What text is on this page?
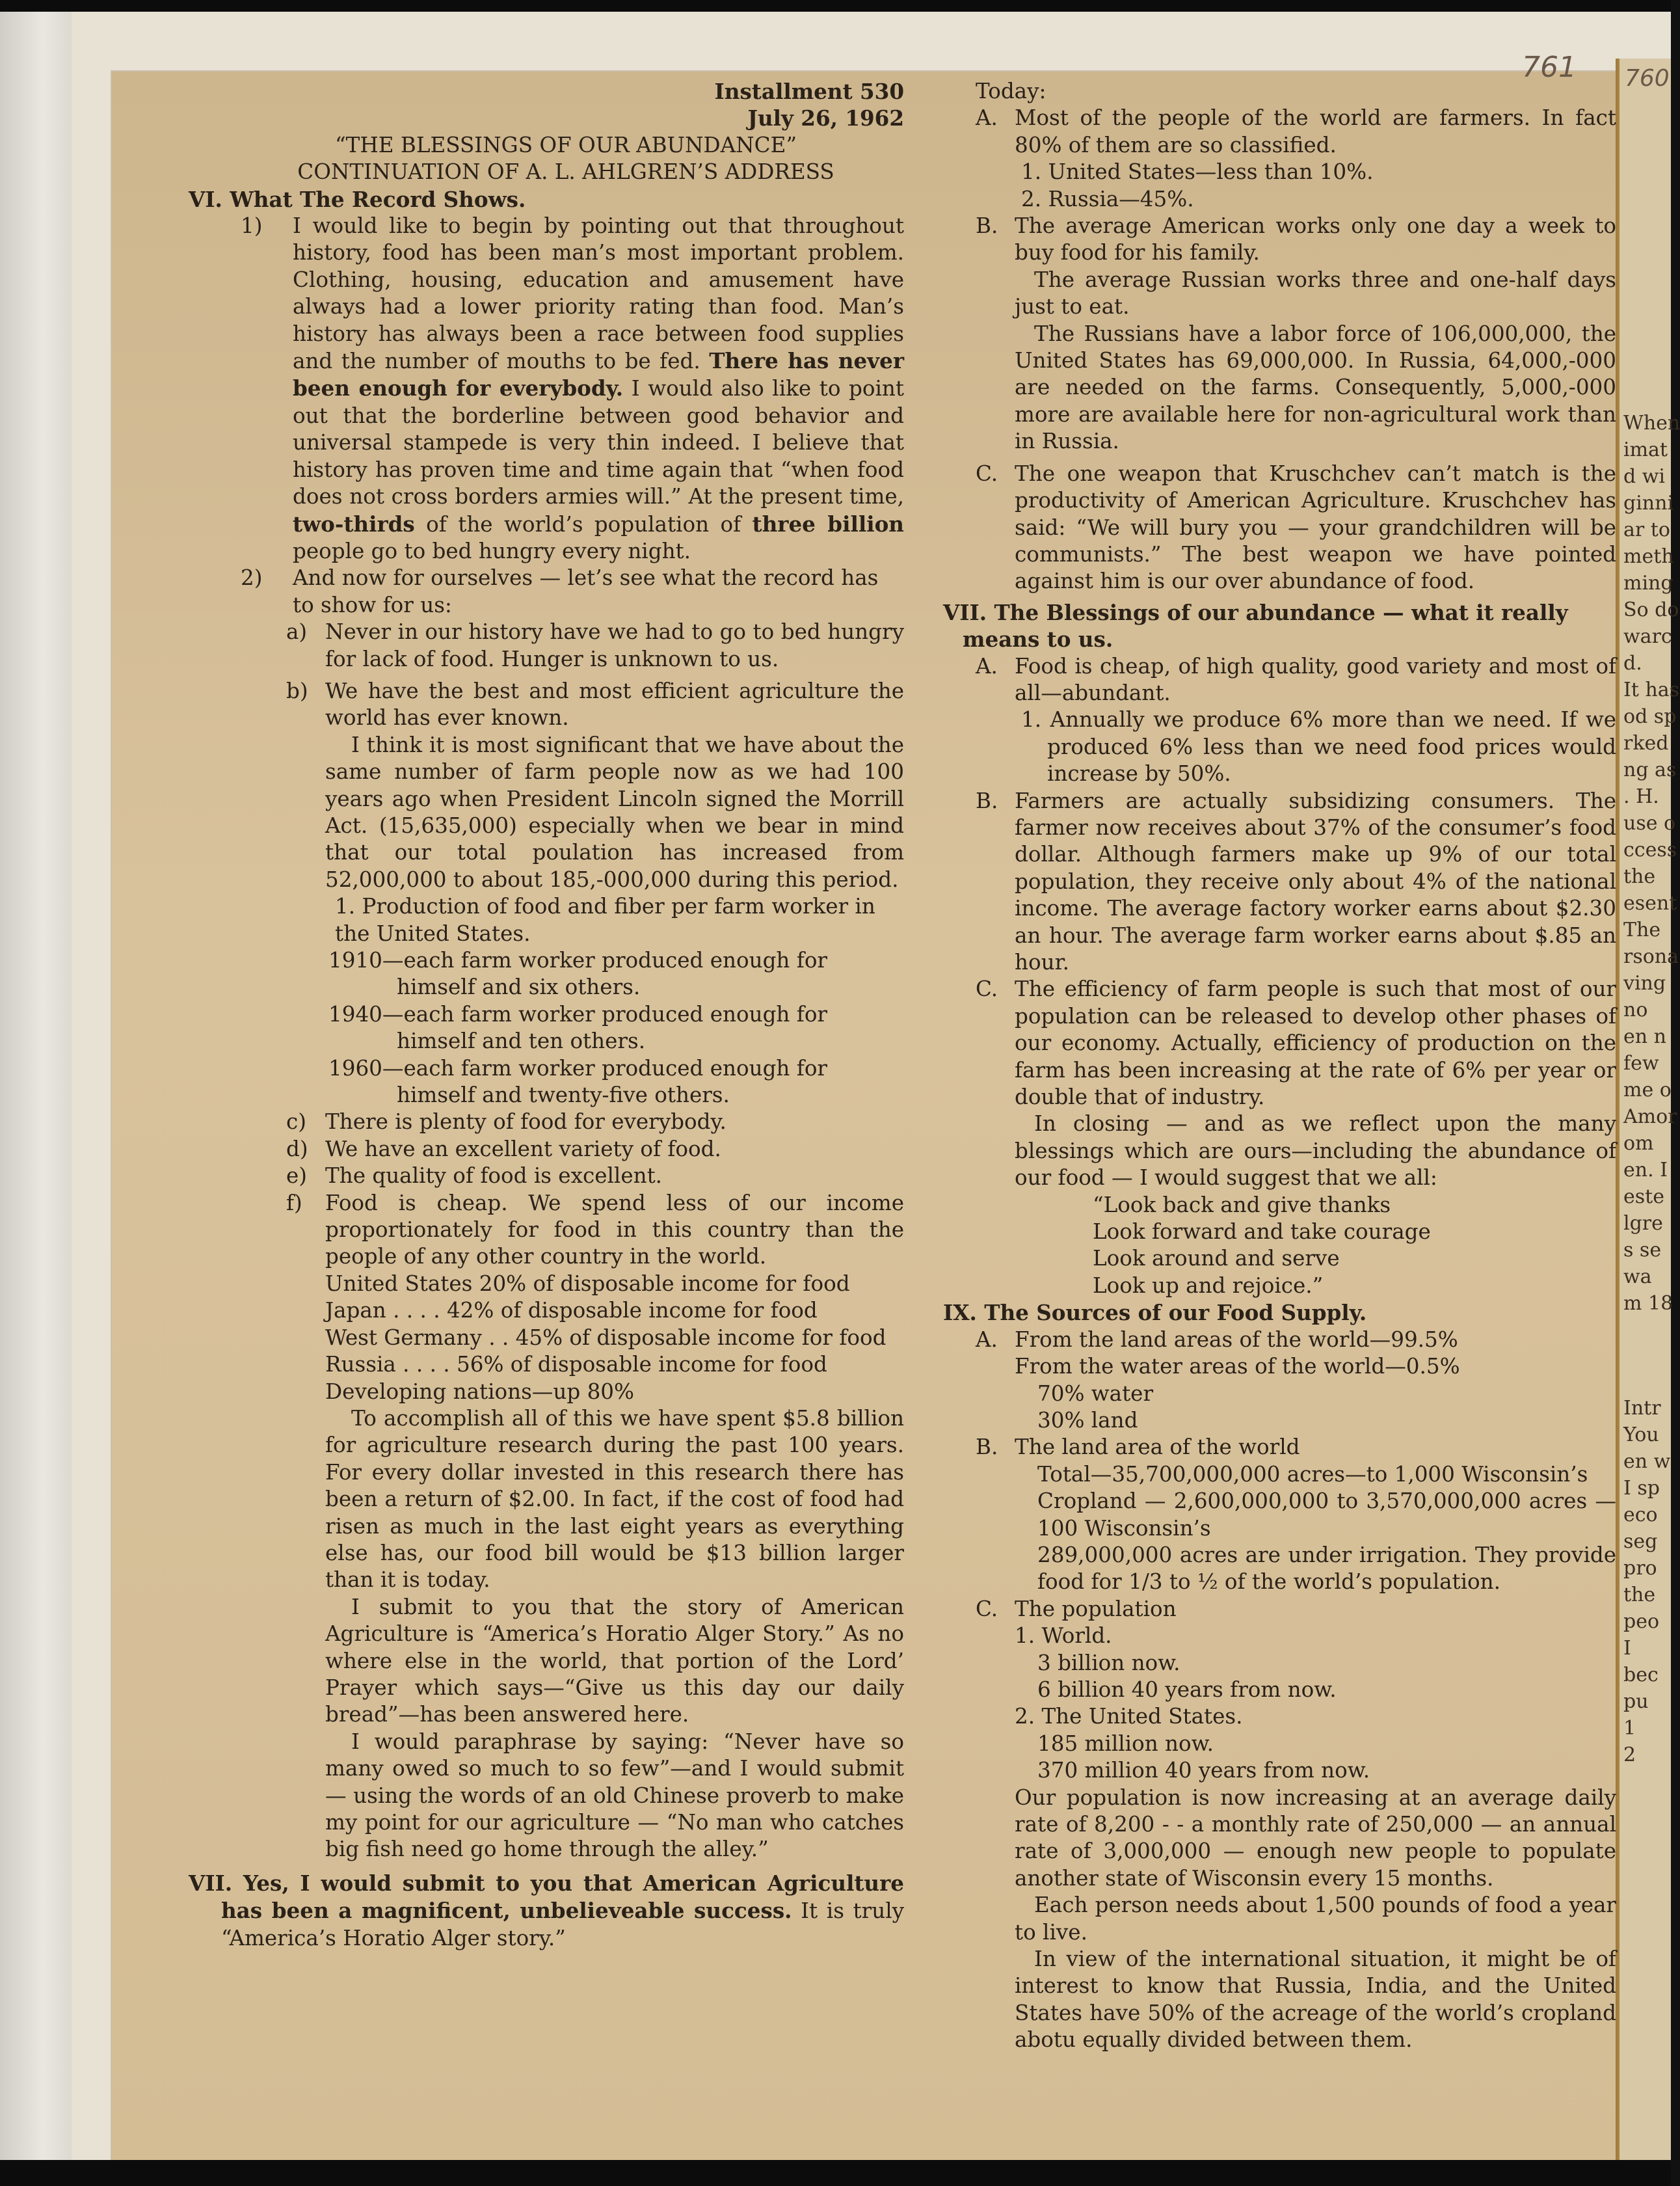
When
imat
d wi
ginni
ar to
meth
ming
So do
warc
d.
It has
od sp
rked
ng as
. H.
use o
ccess
the
esent
The
rsona
ving
no
en n
few
me o
Amor
om
en. I
este
lgre
s se
wa
m 18
Intr
You
en w
I sp
eco
seg
pro
the
peo
I
bec
pu
1
2
761 760
Installment 530
July 26, 1962
“THE BLESSINGS OF OUR ABUNDANCE”
CONTINUATION OF A. L. AHLGREN’S ADDRESS
VI. What The Record Shows.
1)	I would like to begin by pointing out that throughout history, food has been man’s most important problem. Clothing, housing, education and amusement have always had a lower priority rating than food. Man’s history has always been a race between food supplies and the number of mouths to be fed. There has never been enough for everybody. I would also like to point out that the borderline between good behavior and universal stampede is very thin indeed. I believe that history has proven time and time again that “when food does not cross borders armies will.” At the present time, two-thirds of the world’s population of three billion people go to bed hungry every night.

2)	And now for ourselves — let’s see what the record has to show for us:

a) Never in our history have we had to go to bed hungry for lack of food. Hunger is unknown to us.

b) We have the best and most efficient agriculture the world has ever known.

I think it is most significant that we have about the same number of farm people now as we had 100 years ago when President Lincoln signed the Morrill Act. (15,635,000) especially when we bear in mind that our total poulation has increased from 52,000,000 to about 185,-000,000 during this period.

1. Production of food and fiber per farm worker in the United States.

1910—each farm worker produced enough for himself and six others.

1940—each farm worker produced enough for himself and ten others.

1960—each farm worker produced enough for himself and twenty-five others.

c) There is plenty of food for everybody.

d) We have an excellent variety of food.

e) The quality of food is excellent.

f)	Food is cheap. We spend less of our income proportionately for food in this country than the people of any other country in the world.

United States 20% of disposable income for food

Japan . . . . 42% of disposable income for food

West Germany . . 45% of disposable income for food

Russia . . . . 56% of disposable income for food

Developing nations—up 80%

To accomplish all of this we have spent $5.8 billion for agriculture research during the past 100 years. For every dollar invested in this research there has been a return of $2.00. In fact, if the cost of food had risen as much in the last eight years as everything else has, our food bill would be $13 billion larger than it is today.

I submit to you that the story of American Agriculture is “America’s Horatio Alger Story.” As no where else in the world, that portion of the Lord’ Prayer which says—“Give us this day our daily bread”—has been answered here.

I would paraphrase by saying: “Never have so many owed so much to so few”—and I would submit — using the words of an old Chinese proverb to make my point for our agriculture — “No man who catches big fish need go home through the alley.”

VII. Yes, I would submit to you that American Agriculture has been a magnificent, unbelieveable success. It is truly “America’s Horatio Alger story.”

Today:
A. Most of the people of the world are farmers. In fact 80% of them are so classified.

1. United States—less than 10%.

2. Russia—45%.

B. The average American works only one day a week to buy food for his family.

The average Russian works three and one-half days just to eat.

The Russians have a labor force of 106,000,000, the United States has 69,000,000. In Russia, 64,000,-000 are needed on the farms. Consequently, 5,000,-000 more are available here for non-agricultural work than in Russia.

C. The one weapon that Kruschchev can’t match is the productivity of American Agriculture. Kruschchev has said: “We will bury you — your grandchildren will be communists.” The best weapon we have pointed against him is our over abundance of food.

VII. The Blessings of our abundance — what it really means to us.

A. Food is cheap, of high quality, good variety and most of all—abundant.

1. Annually we produce 6% more than we need. If we produced 6% less than we need food prices would increase by 50%.

B. Farmers are actually subsidizing consumers. The farmer now receives about 37% of the consumer’s food dollar. Although farmers make up 9% of our total population, they receive only about 4% of the national income. The average factory worker earns about $2.30 an hour. The average farm worker earns about $.85 an hour.

C. The efficiency of farm people is such that most of our population can be released to develop other phases of our economy. Actually, efficiency of production on the farm has been increasing at the rate of 6% per year or double that of industry.

In closing — and as we reflect upon the many blessings which are ours—including the abundance of our food — I would suggest that we all:

“Look back and give thanks

Look forward and take courage

Look around and serve

Look up and rejoice.”

IX. The Sources of our Food Supply.

A. From the land areas of the world—99.5%

From the water areas of the world—0.5%

70% water

30% land

B. The land area of the world

Total—35,700,000,000 acres—to 1,000 Wisconsin’s

Cropland — 2,600,000,000 to 3,570,000,000 acres — 100 Wisconsin’s

289,000,000 acres are under irrigation. They provide food for 1/3 to ½ of the world’s population.

C. The population

1. World.

3 billion now.

6 billion 40 years from now.

2. The United States.

185 million now.

370 million 40 years from now.

Our population is now increasing at an average daily rate of 8,200 - - a monthly rate of 250,000 — an annual rate of 3,000,000 — enough new people to populate another state of Wisconsin every 15 months.

Each person needs about 1,500 pounds of food a year to live.

In view of the international situation, it might be of interest to know that Russia, India, and the United States have 50% of the acreage of the world’s cropland abotu equally divided between them.
